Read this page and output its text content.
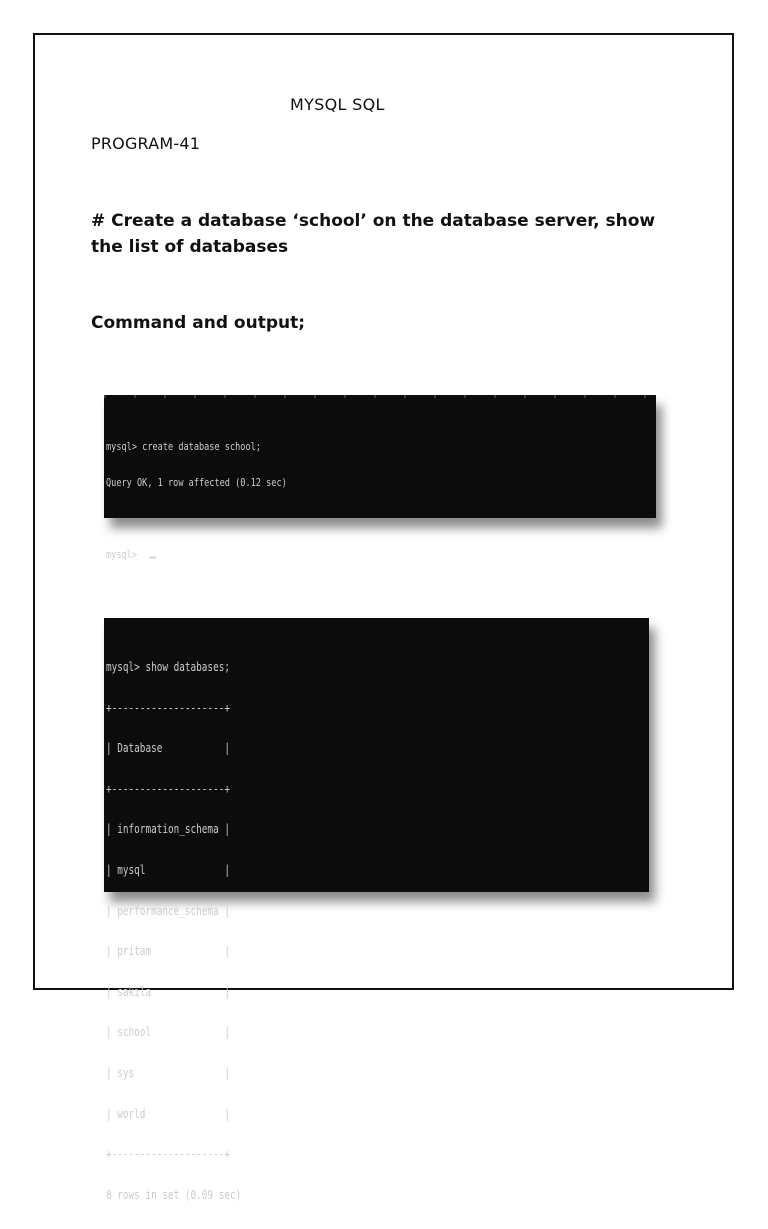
MYSQL SQL

PROGRAM-41

# Create a database ‘school’ on the database server, show the list of databases

Command and output;

mysql> create database school;

Query OK, 1 row affected (0.12 sec)

mysql>

mysql> show databases;

+--------------------+

| Database           |

+--------------------+

| information_schema |

| mysql              |

| performance_schema |

| pritam             |

| sakila             |

| school             |

| sys                |

| world              |

+--------------------+

8 rows in set (0.09 sec)
